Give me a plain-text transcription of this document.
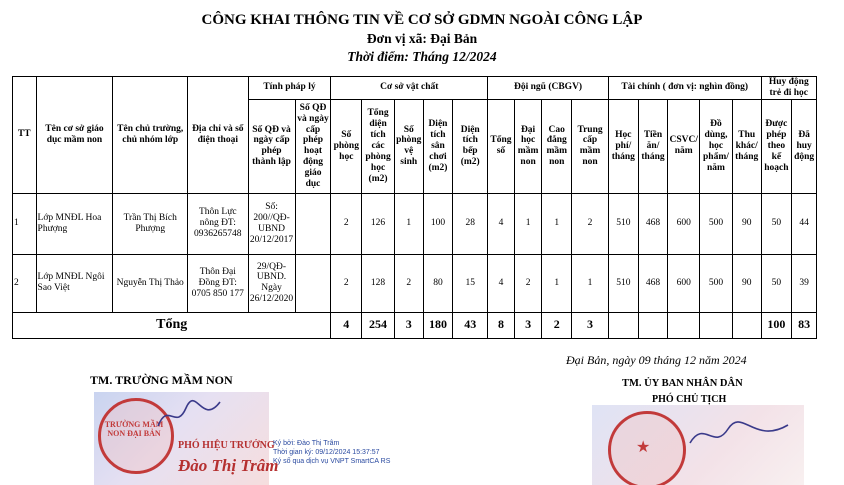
CÔNG KHAI THÔNG TIN VỀ CƠ SỞ GDMN NGOÀI CÔNG LẬP
Đơn vị xã: Đại Bản
Thời điểm: Tháng 12/2024
TT	Tên cơ sở giáo dục mầm non	Tên chủ trường, chủ nhóm lớp	Địa chỉ và số điện thoại	Tính pháp lý		Cơ sở vật chất					Đội ngũ (CBGV)				Tài chính ( đơn vị: nghìn đồng)					Huy động trẻ đi học	
				Số QĐ và ngày cấp phép thành lập	Số QĐ và ngày cấp phép hoạt động giáo dục	Số phòng học	Tổng diện tích các phòng học (m2)	Số phòng vệ sinh	Diện tích sân chơi (m2)	Diện tích bếp (m2)	Tổng số	Đại học mầm non	Cao đẳng mầm non	Trung cấp mầm non	Học phí/ tháng	Tiền ăn/ tháng	CSVC/ năm	Đồ dùng, học phẩm/ năm	Thu khác/ tháng	Được phép theo kế hoạch	Đã huy động
1	Lớp MNĐL Hoa Phượng	Trần Thị Bích Phượng	Thôn Lực nông ĐT: 0936265748	Số: 200//QĐ-UBND 20/12/2017		2	126	1	100	28	4	1	1	2	510	468	600	500	90	50	44
2	Lớp MNĐL Ngôi Sao Việt	Nguyễn Thị Thảo	Thôn Đại Đồng ĐT: 0705 850 177	29/QĐ-UBND. Ngày 26/12/2020		2	128	2	80	15	4	2	1	1	510	468	600	500	90	50	39
Tổng						4	254	3	180	43	8	3	2	3						100	83
Đại Bản, ngày 09 tháng 12 năm 2024
TM. TRƯỜNG MẦM NON	TM. ỦY BAN NHÂN DÂN
PHÓ CHỦ TỊCH
TRƯỜNG MẦM NON ĐẠI BẢN
PHÓ HIỆU TRƯỞNG
Đào Thị Trâm
Ký bởi: Đào Thị Trâm
Thời gian ký: 09/12/2024 15:37:57
Ký số qua dịch vụ VNPT SmartCA RS
★
